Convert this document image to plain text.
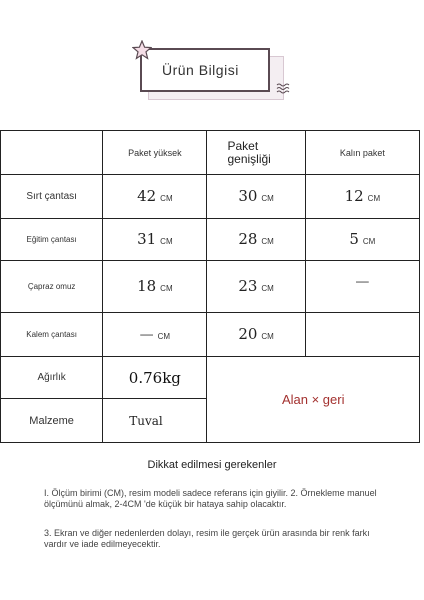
Ürün Bilgisi
	Paket yüksek	Paket genişliği	Kalın paket
Sırt çantası	42 CM	30 CM	12 CM
Eğitim çantası	31 CM	28 CM	5 CM
Çapraz omuz	18 CM	23 CM	—
Kalem çantası	— CM	20 CM	
Ağırlık	0.76kg	Alan × geri	
Malzeme	Tuval		
Dikkat edilmesi gerekenler
I. Ölçüm birimi (CM), resim modeli sadece referans için giyilir. 2. Örnekleme manuel ölçümünü almak, 2-4CM 'de küçük bir hataya sahip olacaktır.
3. Ekran ve diğer nedenlerden dolayı, resim ile gerçek ürün arasında bir renk farkı vardır ve iade edilmeyecektir.
